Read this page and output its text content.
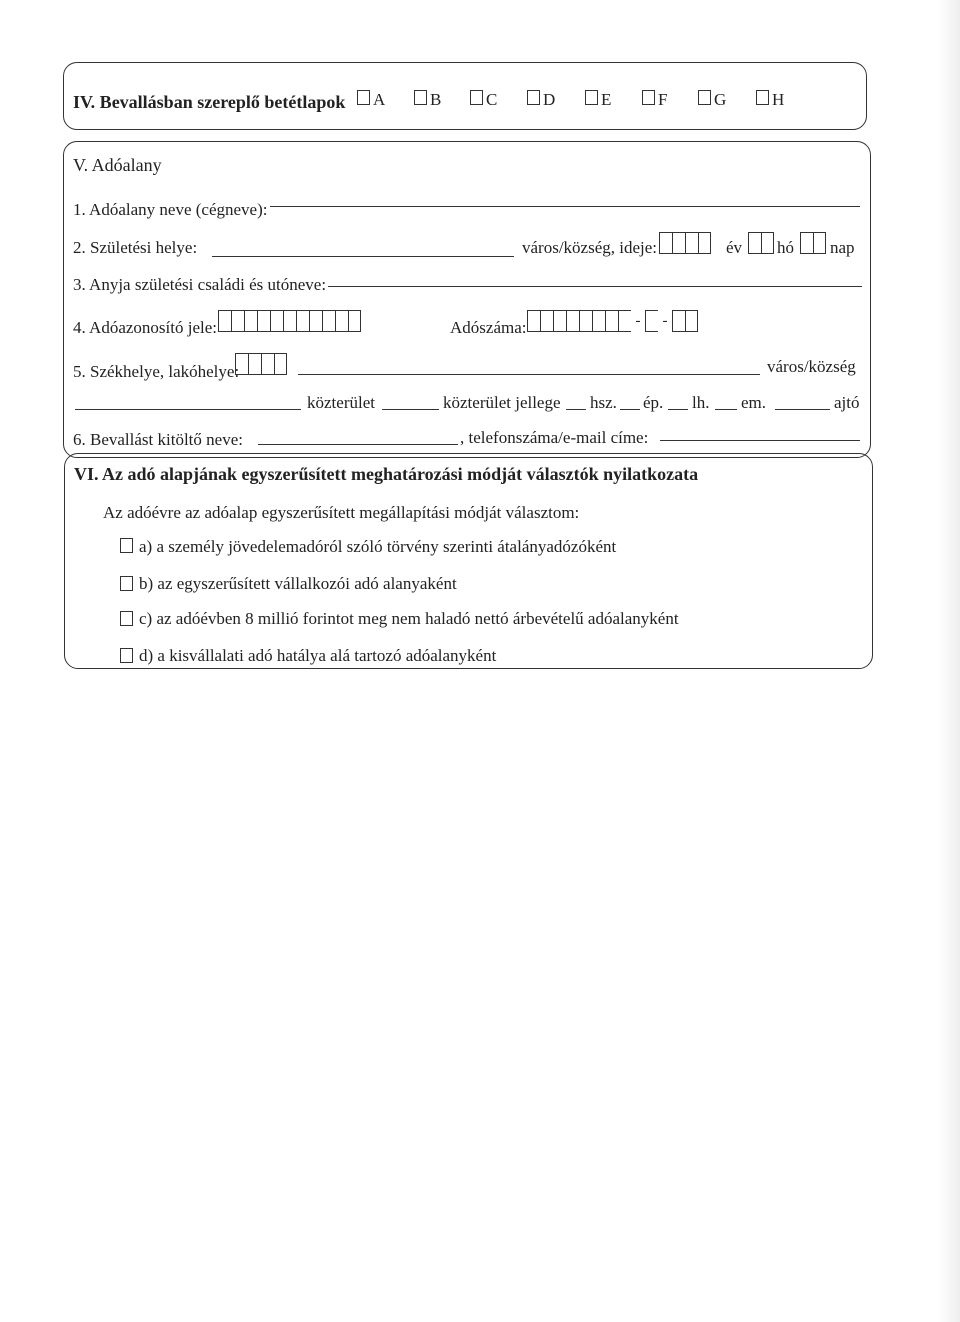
IV. Bevallásban szereplő betétlapok A	B	C	D	E	F	G	H
V. Adóalany
1. Adóalany neve (cégneve):
2. Születési helye:	város/község, ideje:	év hó nap
3. Anyja születési családi és utóneve:
4. Adóazonosító jele:	Adószáma:	-	-
5. Székhelye, lakóhelye:	város/község
közterület	közterület jellege hsz. ép. lh. em.	ajtó
6. Bevallást kitöltő neve:	, telefonszáma/e-mail címe:
VI. Az adó alapjának egyszerűsített meghatározási módját választók nyilatkozata
Az adóévre az adóalap egyszerűsített megállapítási módját választom:
a) a személy jövedelemadóról szóló törvény szerinti átalányadózóként
b) az egyszerűsített vállalkozói adó alanyaként
c) az adóévben 8 millió forintot meg nem haladó nettó árbevételű adóalanyként
d) a kisvállalati adó hatálya alá tartozó adóalanyként
